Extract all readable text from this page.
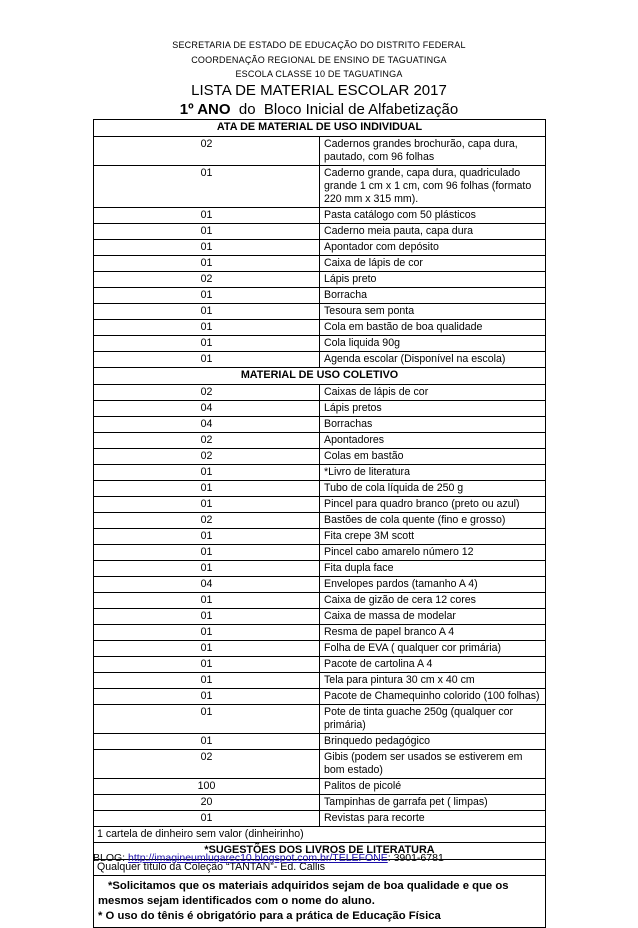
SECRETARIA DE ESTADO DE EDUCAÇÃO DO DISTRITO FEDERAL
COORDENAÇÃO REGIONAL DE ENSINO DE TAGUATINGA
ESCOLA CLASSE 10 DE TAGUATINGA
LISTA DE MATERIAL ESCOLAR 2017
1º ANO  do  Bloco Inicial de Alfabetização
ATA DE MATERIAL DE USO INDIVIDUAL	
02	Cadernos grandes brochurão, capa dura, pautado, com 96 folhas
01	Caderno grande, capa dura, quadriculado grande 1 cm x 1 cm, com 96 folhas (formato 220 mm x 315 mm).
01	Pasta catálogo com 50 plásticos
01	Caderno meia pauta, capa dura
01	Apontador com depósito
01	Caixa de lápis de cor
02	Lápis preto
01	Borracha
01	Tesoura sem ponta
01	Cola em bastão de boa qualidade
01	Cola liquida 90g
01	Agenda escolar (Disponível na escola)
MATERIAL DE USO COLETIVO	
02	Caixas de lápis de cor
04	Lápis pretos
04	Borrachas
02	Apontadores
02	Colas em bastão
01	*Livro de literatura
01	Tubo de cola líquida de 250 g
01	Pincel para quadro branco (preto ou azul)
02	Bastões de cola quente (fino e grosso)
01	Fita crepe 3M scott
01	Pincel cabo amarelo número 12
01	Fita dupla face
04	Envelopes pardos (tamanho A 4)
01	Caixa de gizão de cera 12 cores
01	Caixa de massa de modelar
01	Resma de papel branco A 4
01	Folha de EVA ( qualquer cor primária)
01	Pacote de cartolina A 4
01	Tela para pintura 30 cm x 40 cm
01	Pacote de Chamequinho colorido (100 folhas)
01	Pote de tinta guache 250g (qualquer cor primária)
01	Brinquedo pedagógico
02	Gibis (podem ser usados se estiverem em bom estado)
100	Palitos de picolé
20	Tampinhas de garrafa pet ( limpas)
01	Revistas para recorte
1 cartela de dinheiro sem valor (dinheirinho)	
*SUGESTÕES DOS LIVROS DE LITERATURA	
Qualquer título da Coleção “TANTAN”- Ed. Callis	

*Solicitamos que os materiais adquiridos sejam de boa qualidade e que os mesmos sejam identificados com o nome do aluno.
* O uso do tênis é obrigatório para a prática de Educação Física	
BLOG: http://imagineumlugarec10.blogspot.com.br/TELEFONE: 3901-6781
